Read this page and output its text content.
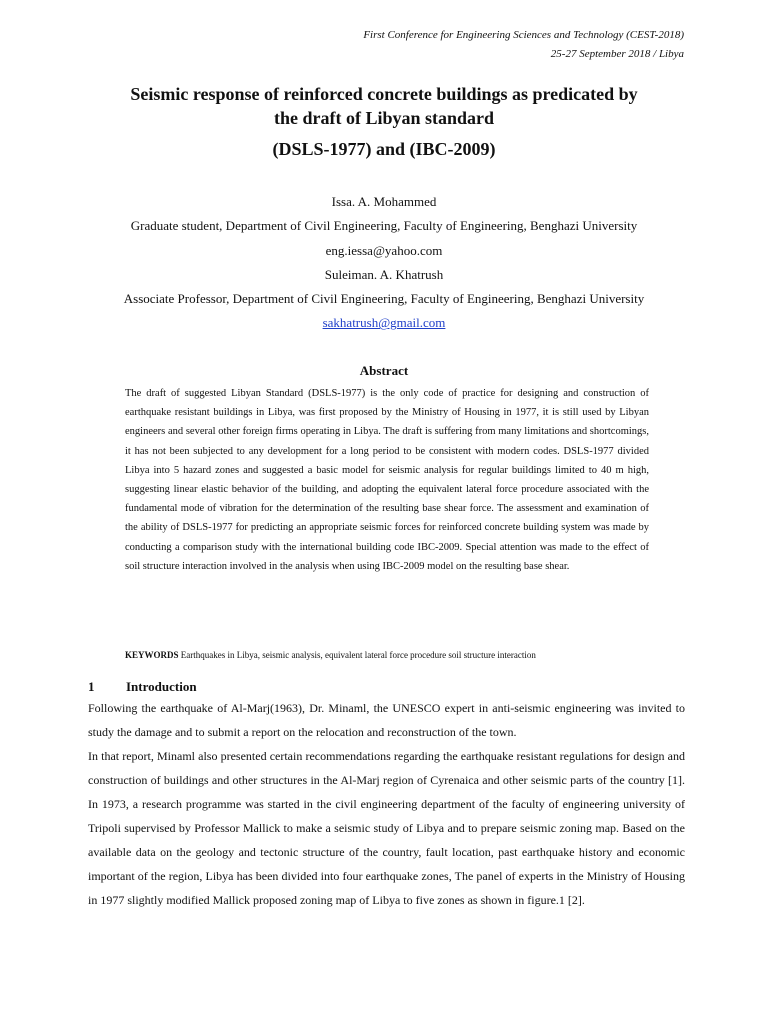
First Conference for Engineering Sciences and Technology (CEST-2018)
25-27 September 2018 / Libya
Seismic response of reinforced concrete buildings as predicated by
the draft of Libyan standard
(DSLS-1977) and (IBC-2009)
Issa. A. Mohammed
Graduate student, Department of Civil Engineering, Faculty of Engineering, Benghazi University
eng.iessa@yahoo.com
Suleiman. A. Khatrush
Associate Professor, Department of Civil Engineering, Faculty of Engineering, Benghazi University
sakhatrush@gmail.com
Abstract

The draft of suggested Libyan Standard (DSLS-1977) is the only code of practice for designing and construction of earthquake resistant buildings in Libya, was first proposed by the Ministry of Housing in 1977, it is still used by Libyan engineers and several other foreign firms operating in Libya. The draft is suffering from many limitations and shortcomings, it has not been subjected to any development for a long period to be consistent with modern codes. DSLS-1977 divided Libya into 5 hazard zones and suggested a basic model for seismic analysis for regular buildings limited to 40 m high, suggesting linear elastic behavior of the building, and adopting the equivalent lateral force procedure associated with the fundamental mode of vibration for the determination of the resulting base shear force. The assessment and examination of the ability of DSLS-1977 for predicting an appropriate seismic forces for reinforced concrete building system was made by conducting a comparison study with the international building code IBC-2009. Special attention was made to the effect of soil structure interaction involved in the analysis when using IBC-2009 model on the resulting base shear.

KEYWORDS Earthquakes in Libya, seismic analysis, equivalent lateral force procedure soil structure interaction
1 Introduction

Following the earthquake of Al-Marj(1963), Dr. Minaml, the UNESCO expert in anti-seismic engineering was invited to study the damage and to submit a report on the relocation and reconstruction of the town.

In that report, Minaml also presented certain recommendations regarding the earthquake resistant regulations for design and construction of buildings and other structures in the Al-Marj region of Cyrenaica and other seismic parts of the country [1]. In 1973, a research programme was started in the civil engineering department of the faculty of engineering university of Tripoli supervised by Professor Mallick to make a seismic study of Libya and to prepare seismic zoning map. Based on the available data on the geology and tectonic structure of the country, fault location, past earthquake history and economic important of the region, Libya has been divided into four earthquake zones, The panel of experts in the Ministry of Housing in 1977 slightly modified Mallick proposed zoning map of Libya to five zones as shown in figure.1 [2].
